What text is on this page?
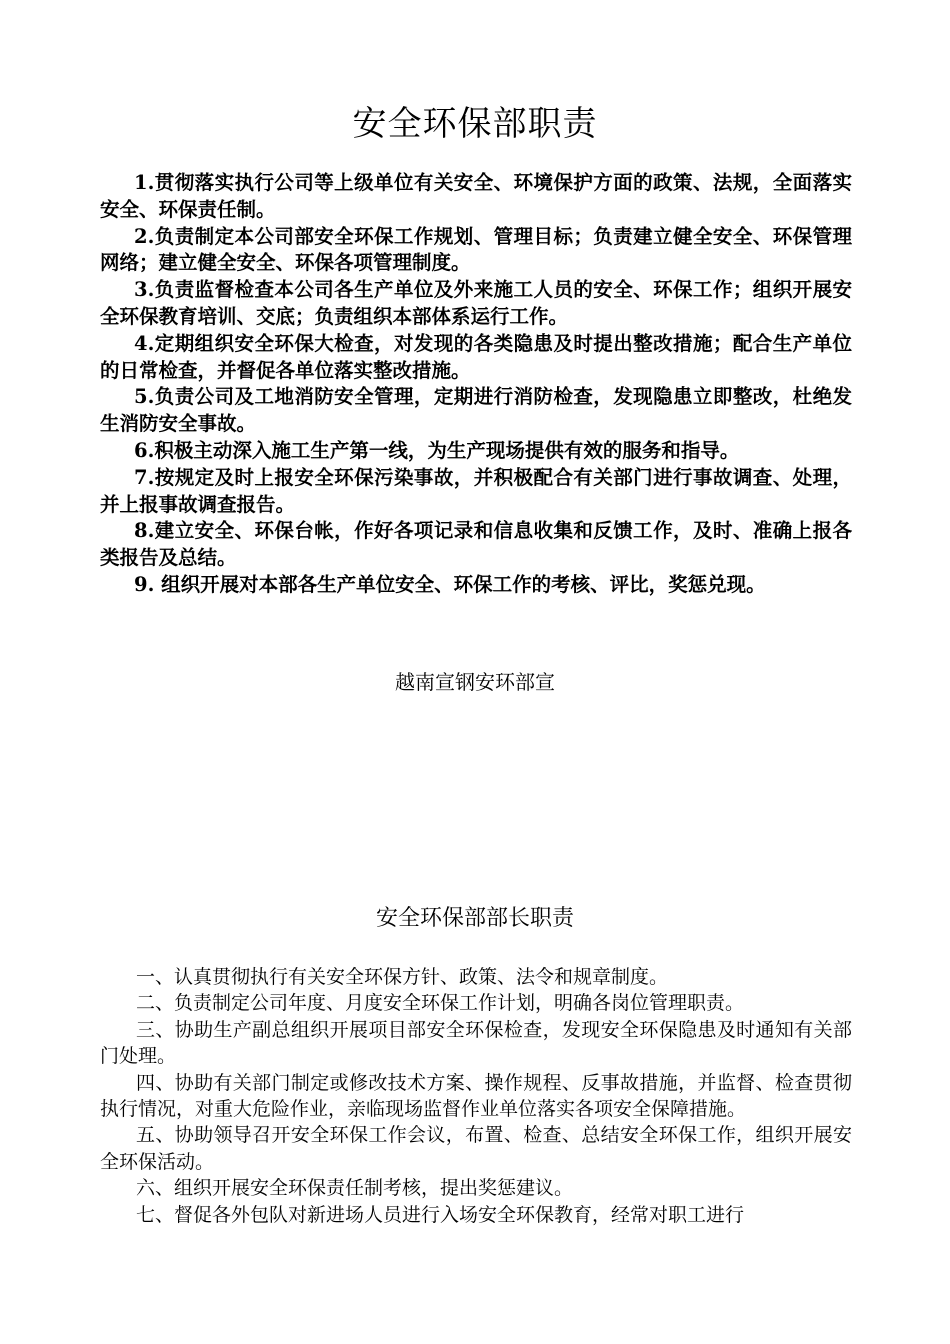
安全环保部职责

1.贯彻落实执行公司等上级单位有关安全、环境保护方面的政策、法规，全面落实安全、环保责任制。

2.负责制定本公司部安全环保工作规划、管理目标；负责建立健全安全、环保管理网络；建立健全安全、环保各项管理制度。

3.负责监督检查本公司各生产单位及外来施工人员的安全、环保工作；组织开展安全环保教育培训、交底；负责组织本部体系运行工作。

4.定期组织安全环保大检查，对发现的各类隐患及时提出整改措施；配合生产单位的日常检查，并督促各单位落实整改措施。

5.负责公司及工地消防安全管理，定期进行消防检查，发现隐患立即整改，杜绝发生消防安全事故。

6.积极主动深入施工生产第一线，为生产现场提供有效的服务和指导。

7.按规定及时上报安全环保污染事故，并积极配合有关部门进行事故调查、处理，并上报事故调查报告。

8.建立安全、环保台帐，作好各项记录和信息收集和反馈工作，及时、准确上报各类报告及总结。

9. 组织开展对本部各生产单位安全、环保工作的考核、评比，奖惩兑现。

越南宣钢安环部宣
安全环保部部长职责

一、认真贯彻执行有关安全环保方针、政策、法令和规章制度。

二、负责制定公司年度、月度安全环保工作计划，明确各岗位管理职责。

三、协助生产副总组织开展项目部安全环保检查，发现安全环保隐患及时通知有关部门处理。

四、协助有关部门制定或修改技术方案、操作规程、反事故措施，并监督、检查贯彻执行情况，对重大危险作业，亲临现场监督作业单位落实各项安全保障措施。

五、协助领导召开安全环保工作会议，布置、检查、总结安全环保工作，组织开展安全环保活动。

六、组织开展安全环保责任制考核，提出奖惩建议。

七、督促各外包队对新进场人员进行入场安全环保教育，经常对职工进行
